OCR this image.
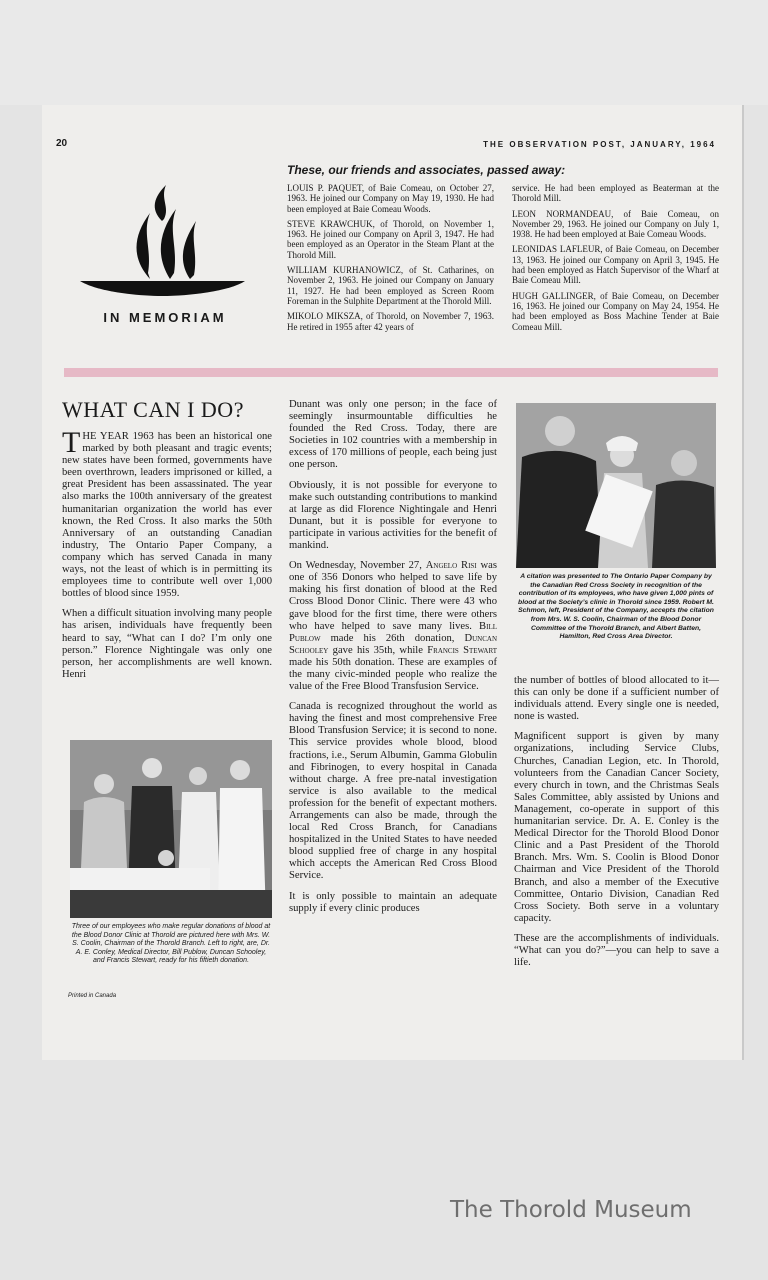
20	THE OBSERVATION POST, JANUARY, 1964
IN MEMORIAM
These, our friends and associates, passed away:

LOUIS P. PAQUET, of Baie Comeau, on October 27, 1963. He joined our Company on May 19, 1930. He had been employed at Baie Comeau Woods.

STEVE KRAWCHUK, of Thorold, on November 1, 1963. He joined our Company on April 3, 1947. He had been employed as an Operator in the Steam Plant at the Thorold Mill.

WILLIAM KURHANOWICZ, of St. Catharines, on November 2, 1963. He joined our Company on January 11, 1927. He had been employed as Screen Room Foreman in the Sulphite Department at the Thorold Mill.

MIKOLO MIKSZA, of Thorold, on November 7, 1963. He retired in 1955 after 42 years of

service. He had been employed as Beaterman at the Thorold Mill.

LEON NORMANDEAU, of Baie Comeau, on November 29, 1963. He joined our Company on July 1, 1938. He had been employed at Baie Comeau Woods.

LEONIDAS LAFLEUR, of Baie Comeau, on December 13, 1963. He joined our Company on April 3, 1945. He had been employed as Hatch Supervisor of the Wharf at Baie Comeau Mill.

HUGH GALLINGER, of Baie Comeau, on December 16, 1963. He joined our Company on May 24, 1954. He had been employed as Boss Machine Tender at Baie Comeau Mill.

WHAT CAN I DO?

THE YEAR 1963 has been an historical one marked by both pleasant and tragic events; new states have been formed, governments have been overthrown, leaders imprisoned or killed, a great President has been assassinated. The year also marks the 100th anniversary of the greatest humanitarian organization the world has ever known, the Red Cross. It also marks the 50th Anniversary of an outstanding Canadian industry, The Ontario Paper Company, a company which has served Canada in many ways, not the least of which is in permitting its employees time to contribute well over 1,000 bottles of blood since 1959.

When a difficult situation involving many people has arisen, individuals have frequently been heard to say, “What can I do? I’m only one person.” Florence Nightingale was only one person, her accomplishments are well known. Henri

Three of our employees who make regular donations of blood at the Blood Donor Clinic at Thorold are pictured here with Mrs. W. S. Coolin, Chairman of the Thorold Branch. Left to right, are, Dr. A. E. Conley, Medical Director, Bill Publow, Duncan Schooley, and Francis Stewart, ready for his fiftieth donation.
Printed in Canada

Dunant was only one person; in the face of seemingly insurmountable difficulties he founded the Red Cross. Today, there are Societies in 102 countries with a membership in excess of 170 millions of people, each being just one person.

Obviously, it is not possible for everyone to make such outstanding contributions to mankind at large as did Florence Nightingale and Henri Dunant, but it is possible for everyone to participate in various activities for the benefit of mankind.

On Wednesday, November 27, Angelo Risi was one of 356 Donors who helped to save life by making his first donation of blood at the Red Cross Blood Donor Clinic. There were 43 who gave blood for the first time, there were others who have helped to save many lives. Bill Publow made his 26th donation, Duncan Schooley gave his 35th, while Francis Stewart made his 50th donation. These are examples of the many civic-minded people who realize the value of the Free Blood Transfusion Service.

Canada is recognized throughout the world as having the finest and most comprehensive Free Blood Transfusion Service; it is second to none. This service provides whole blood, blood fractions, i.e., Serum Albumin, Gamma Globulin and Fibrinogen, to every hospital in Canada without charge. A free pre-natal investigation service is also available to the medical profession for the benefit of expectant mothers. Arrangements can also be made, through the local Red Cross Branch, for Canadians hospitalized in the United States to have needed blood supplied free of charge in any hospital which accepts the American Red Cross Blood Service.

It is only possible to maintain an adequate supply if every clinic produces

A citation was presented to The Ontario Paper Company by the Canadian Red Cross Society in recognition of the contribution of its employees, who have given 1,000 pints of blood at the Society’s clinic in Thorold since 1959. Robert M. Schmon, left, President of the Company, accepts the citation from Mrs. W. S. Coolin, Chairman of the Blood Donor Committee of the Thorold Branch, and Albert Batten, Hamilton, Red Cross Area Director.

the number of bottles of blood allocated to it—this can only be done if a sufficient number of individuals attend. Every single one is needed, none is wasted.

Magnificent support is given by many organizations, including Service Clubs, Churches, Canadian Legion, etc. In Thorold, volunteers from the Canadian Cancer Society, every church in town, and the Christmas Seals Sales Committee, ably assisted by Unions and Management, co-operate in support of this humanitarian service. Dr. A. E. Conley is the Medical Director for the Thorold Blood Donor Clinic and a Past President of the Thorold Branch. Mrs. Wm. S. Coolin is Blood Donor Chairman and Vice President of the Thorold Branch, and also a member of the Executive Committee, Ontario Division, Canadian Red Cross Society. Both serve in a voluntary capacity.

These are the accomplishments of individuals. “What can you do?”—you can help to save a life.

The Thorold Museum
